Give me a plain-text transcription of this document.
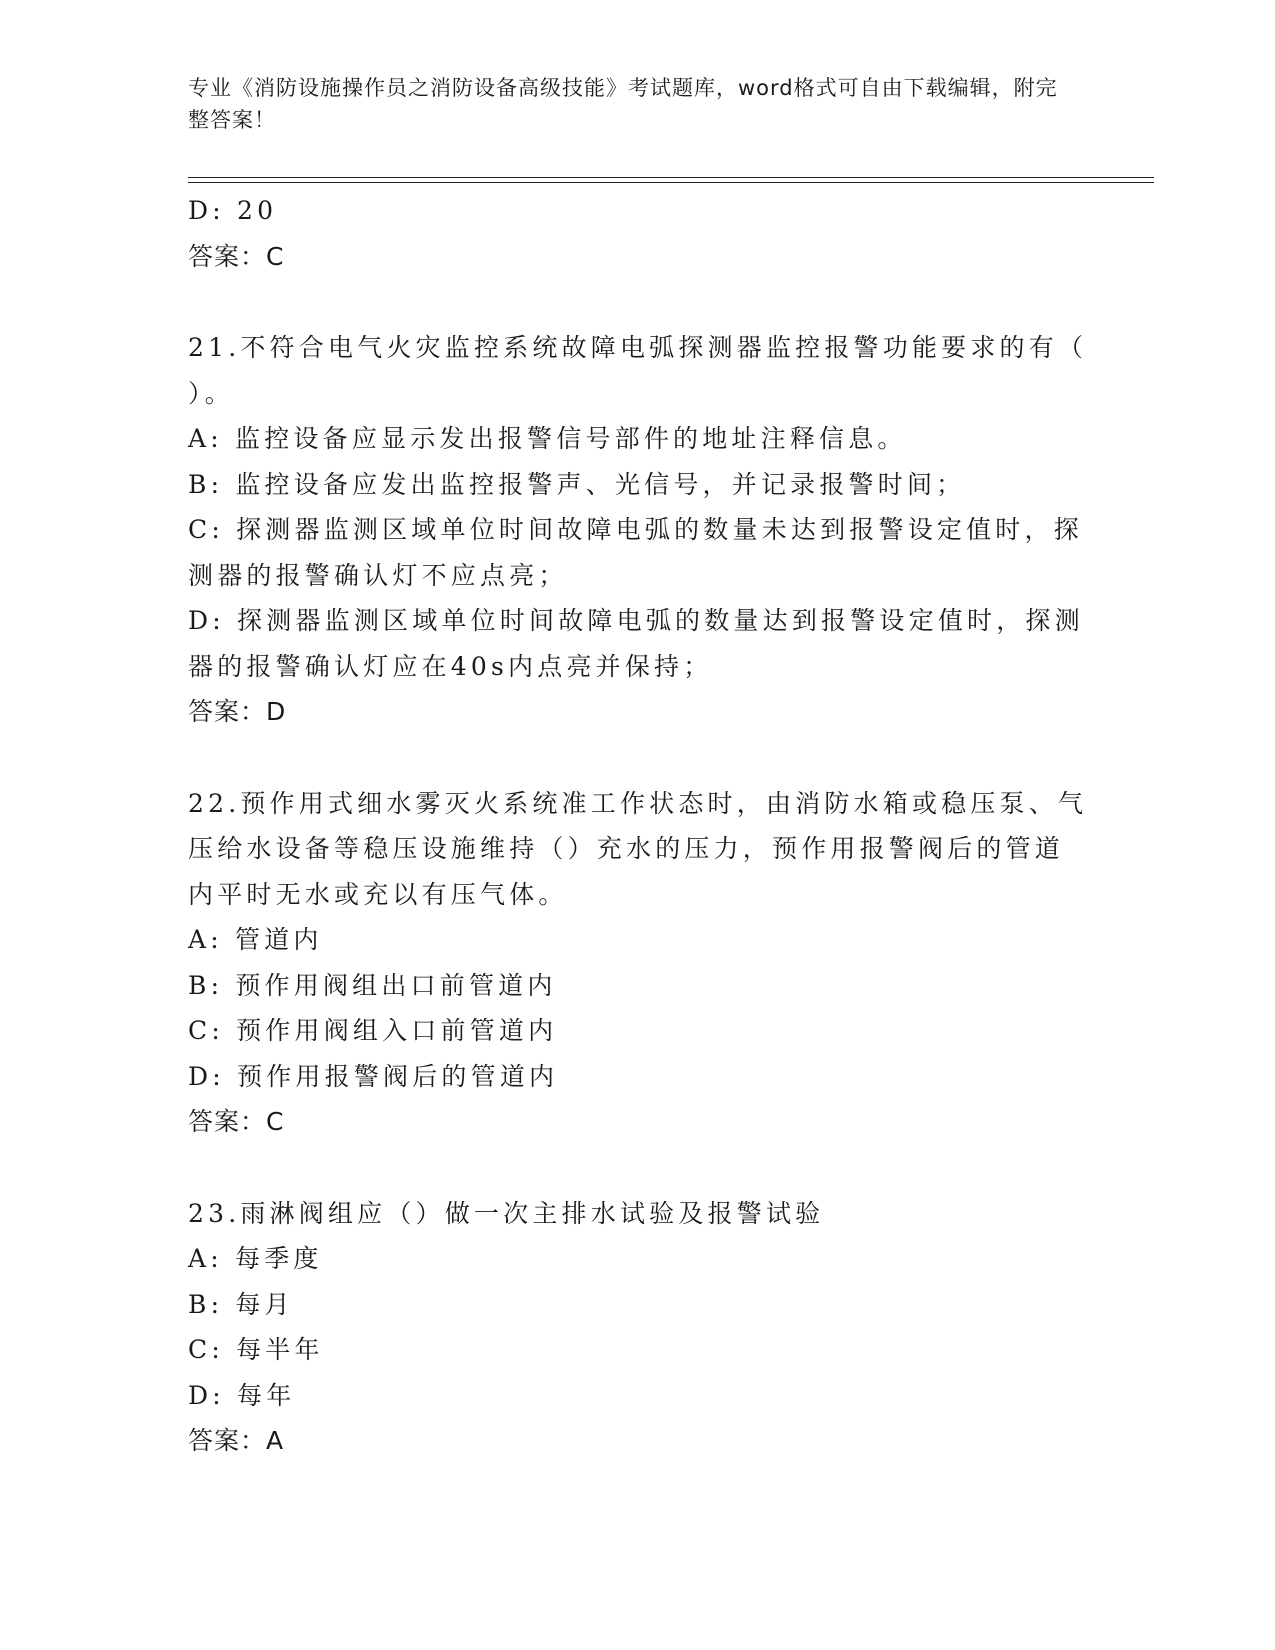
专业《消防设施操作员之消防设备高级技能》考试题库，word格式可自由下载编辑，附完整答案！
D: 20
答案：C
21.不符合电气火灾监控系统故障电弧探测器监控报警功能要求的有（
）。
A: 监控设备应显示发出报警信号部件的地址注释信息。
B: 监控设备应发出监控报警声、光信号，并记录报警时间；
C: 探测器监测区域单位时间故障电弧的数量未达到报警设定值时，探
测器的报警确认灯不应点亮；
D: 探测器监测区域单位时间故障电弧的数量达到报警设定值时，探测
器的报警确认灯应在40s内点亮并保持；
答案：D
22.预作用式细水雾灭火系统准工作状态时，由消防水箱或稳压泵、气
压给水设备等稳压设施维持（）充水的压力，预作用报警阀后的管道
内平时无水或充以有压气体。
A: 管道内
B: 预作用阀组出口前管道内
C: 预作用阀组入口前管道内
D: 预作用报警阀后的管道内
答案：C
23.雨淋阀组应（）做一次主排水试验及报警试验
A: 每季度
B: 每月
C: 每半年
D: 每年
答案：A
